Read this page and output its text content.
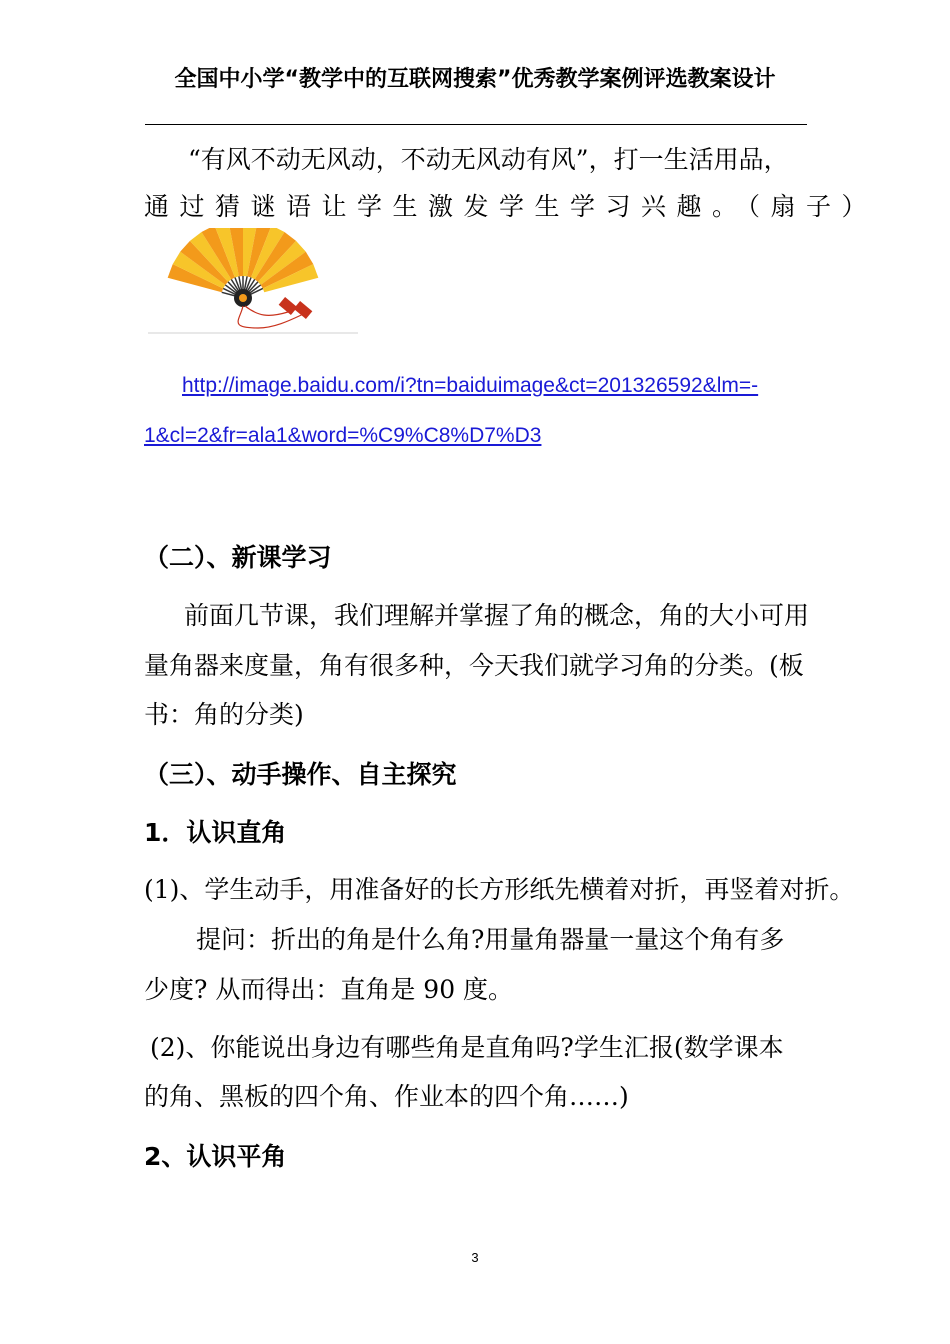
全国中小学“教学中的互联网搜索”优秀教学案例评选教案设计
“有风不动无风动，不动无风动有风”，打一生活用品，
通过猜谜语让学生激发学生学习兴趣。（扇子）
http://image.baidu.com/i?tn=baiduimage&ct=201326592&lm=-
1&cl=2&fr=ala1&word=%C9%C8%D7%D3
（二）、新课学习
前面几节课，我们理解并掌握了角的概念，角的大小可用
量角器来度量，角有很多种，今天我们就学习角的分类。(板
书：角的分类)
（三）、动手操作、自主探究
1．认识直角
(1)、学生动手，用准备好的长方形纸先横着对折，再竖着对折。
提问：折出的角是什么角?用量角器量一量这个角有多
少度? 从而得出：直角是 90 度。
(2)、你能说出身边有哪些角是直角吗?学生汇报(数学课本
的角、黑板的四个角、作业本的四个角……)
2、认识平角
3
